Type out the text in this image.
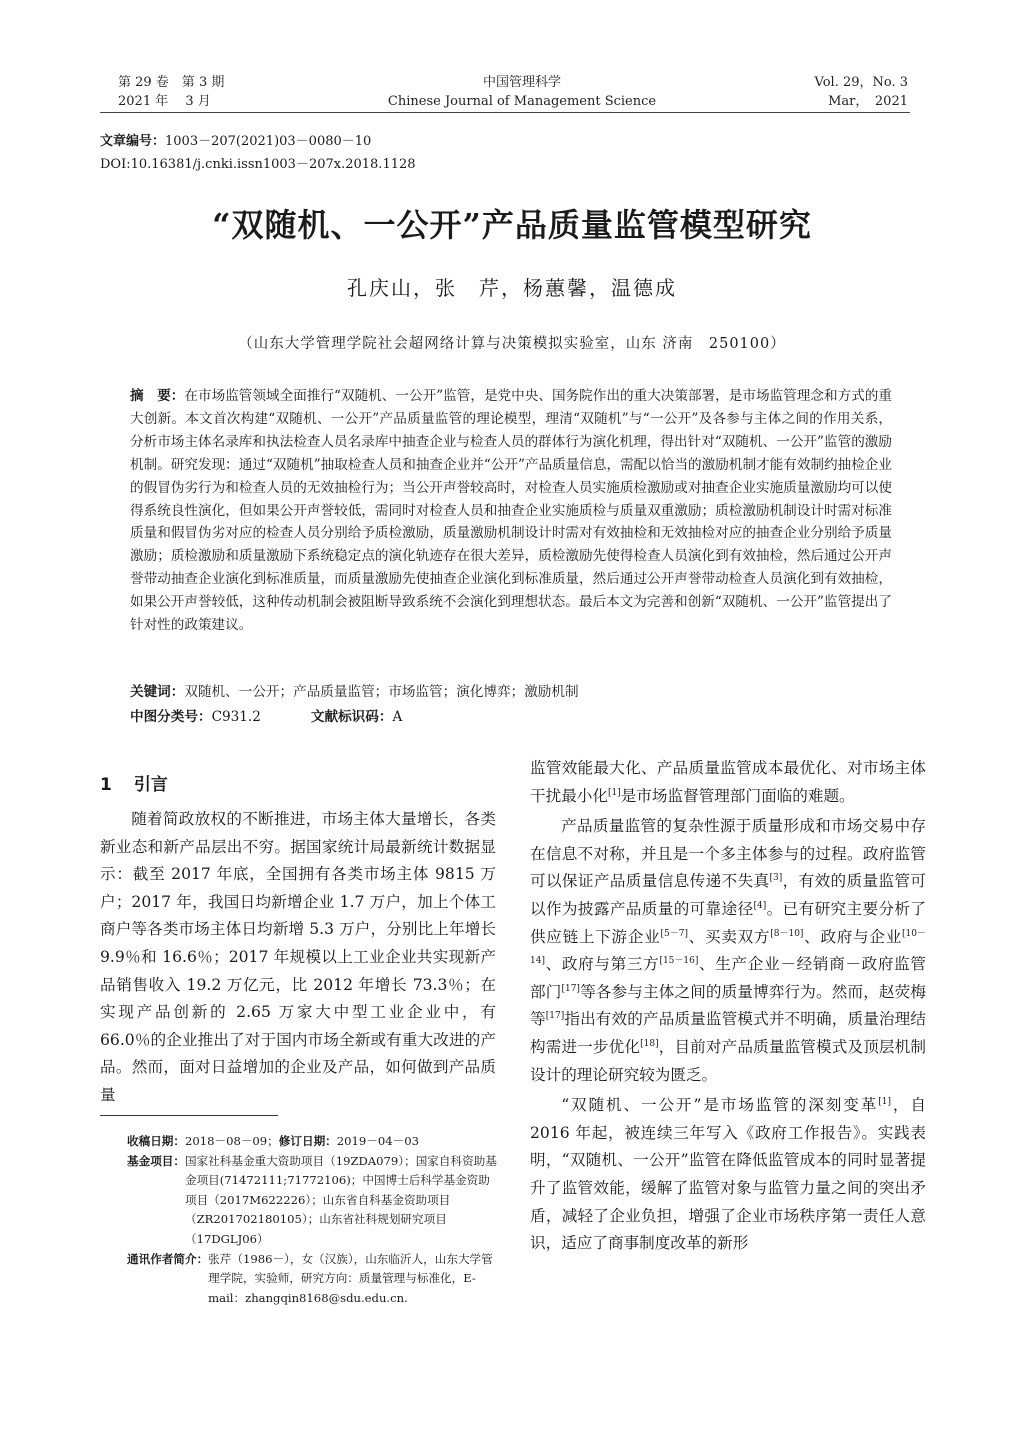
第 29 卷　第 3 期
2021 年　 3 月
中国管理科学
Chinese Journal of Management Science
Vol. 29，No. 3
Mar，　2021
文章编号：1003－207(2021)03－0080－10
DOI:10.16381/j.cnki.issn1003－207x.2018.1128
“双随机、一公开”产品质量监管模型研究
孔庆山，张　芹，杨蕙馨，温德成
（山东大学管理学院社会超网络计算与决策模拟实验室，山东 济南　250100）
摘　要：在市场监管领域全面推行“双随机、一公开”监管，是党中央、国务院作出的重大决策部署，是市场监管理念和方式的重大创新。本文首次构建“双随机、一公开”产品质量监管的理论模型，理清“双随机”与“一公开”及各参与主体之间的作用关系，分析市场主体名录库和执法检查人员名录库中抽查企业与检查人员的群体行为演化机理，得出针对“双随机、一公开”监管的激励机制。研究发现：通过“双随机”抽取检查人员和抽查企业并“公开”产品质量信息，需配以恰当的激励机制才能有效制约抽检企业的假冒伪劣行为和检查人员的无效抽检行为；当公开声誉较高时，对检查人员实施质检激励或对抽查企业实施质量激励均可以使得系统良性演化，但如果公开声誉较低，需同时对检查人员和抽查企业实施质检与质量双重激励；质检激励机制设计时需对标准质量和假冒伪劣对应的检查人员分别给予质检激励，质量激励机制设计时需对有效抽检和无效抽检对应的抽查企业分别给予质量激励；质检激励和质量激励下系统稳定点的演化轨迹存在很大差异，质检激励先使得检查人员演化到有效抽检，然后通过公开声誉带动抽查企业演化到标准质量，而质量激励先使抽查企业演化到标准质量，然后通过公开声誉带动检查人员演化到有效抽检，如果公开声誉较低，这种传动机制会被阻断导致系统不会演化到理想状态。最后本文为完善和创新“双随机、一公开”监管提出了针对性的政策建议。
关键词：双随机、一公开；产品质量监管；市场监管；演化博弈；激励机制
中图分类号：C931.2	文献标识码：A
1 引言

随着简政放权的不断推进，市场主体大量增长，各类新业态和新产品层出不穷。据国家统计局最新统计数据显示：截至 2017 年底，全国拥有各类市场主体 9815 万户；2017 年，我国日均新增企业 1.7 万户，加上个体工商户等各类市场主体日均新增 5.3 万户，分别比上年增长 9.9％和 16.6％；2017 年规模以上工业企业共实现新产品销售收入 19.2 万亿元，比 2012 年增长 73.3％；在实现产品创新的 2.65 万家大中型工业企业中，有 66.0％的企业推出了对于国内市场全新或有重大改进的产品。然而，面对日益增加的企业及产品，如何做到产品质量

收稿日期：2018－08－09；修订日期：2019－04－03
基金项目： 国家社科基金重大资助项目（19ZDA079）；国家自科资助基金项目(71472111;71772106)；中国博士后科学基金资助项目（2017M622226）；山东省自科基金资助项目（ZR201702180105）；山东省社科规划研究项目（17DGLJ06）
通讯作者简介： 张芹（1986－），女（汉族），山东临沂人，山东大学管理学院，实验师，研究方向：质量管理与标准化，E-mail：zhangqin8168@sdu.edu.cn.

监管效能最大化、产品质量监管成本最优化、对市场主体干扰最小化[1]是市场监督管理部门面临的难题。

产品质量监管的复杂性源于质量形成和市场交易中存在信息不对称，并且是一个多主体参与的过程。政府监管可以保证产品质量信息传递不失真[3]，有效的质量监管可以作为披露产品质量的可靠途径[4]。已有研究主要分析了供应链上下游企业[5－7]、买卖双方[8－10]、政府与企业[10－14]、政府与第三方[15－16]、生产企业－经销商－政府监管部门[17]等各参与主体之间的质量博弈行为。然而，赵荧梅等[17]指出有效的产品质量监管模式并不明确，质量治理结构需进一步优化[18]，目前对产品质量监管模式及顶层机制设计的理论研究较为匮乏。

“双随机、一公开”是市场监管的深刻变革[1]，自 2016 年起，被连续三年写入《政府工作报告》。实践表明，“双随机、一公开”监管在降低监管成本的同时显著提升了监管效能，缓解了监管对象与监管力量之间的突出矛盾，减轻了企业负担，增强了企业市场秩序第一责任人意识，适应了商事制度改革的新形
